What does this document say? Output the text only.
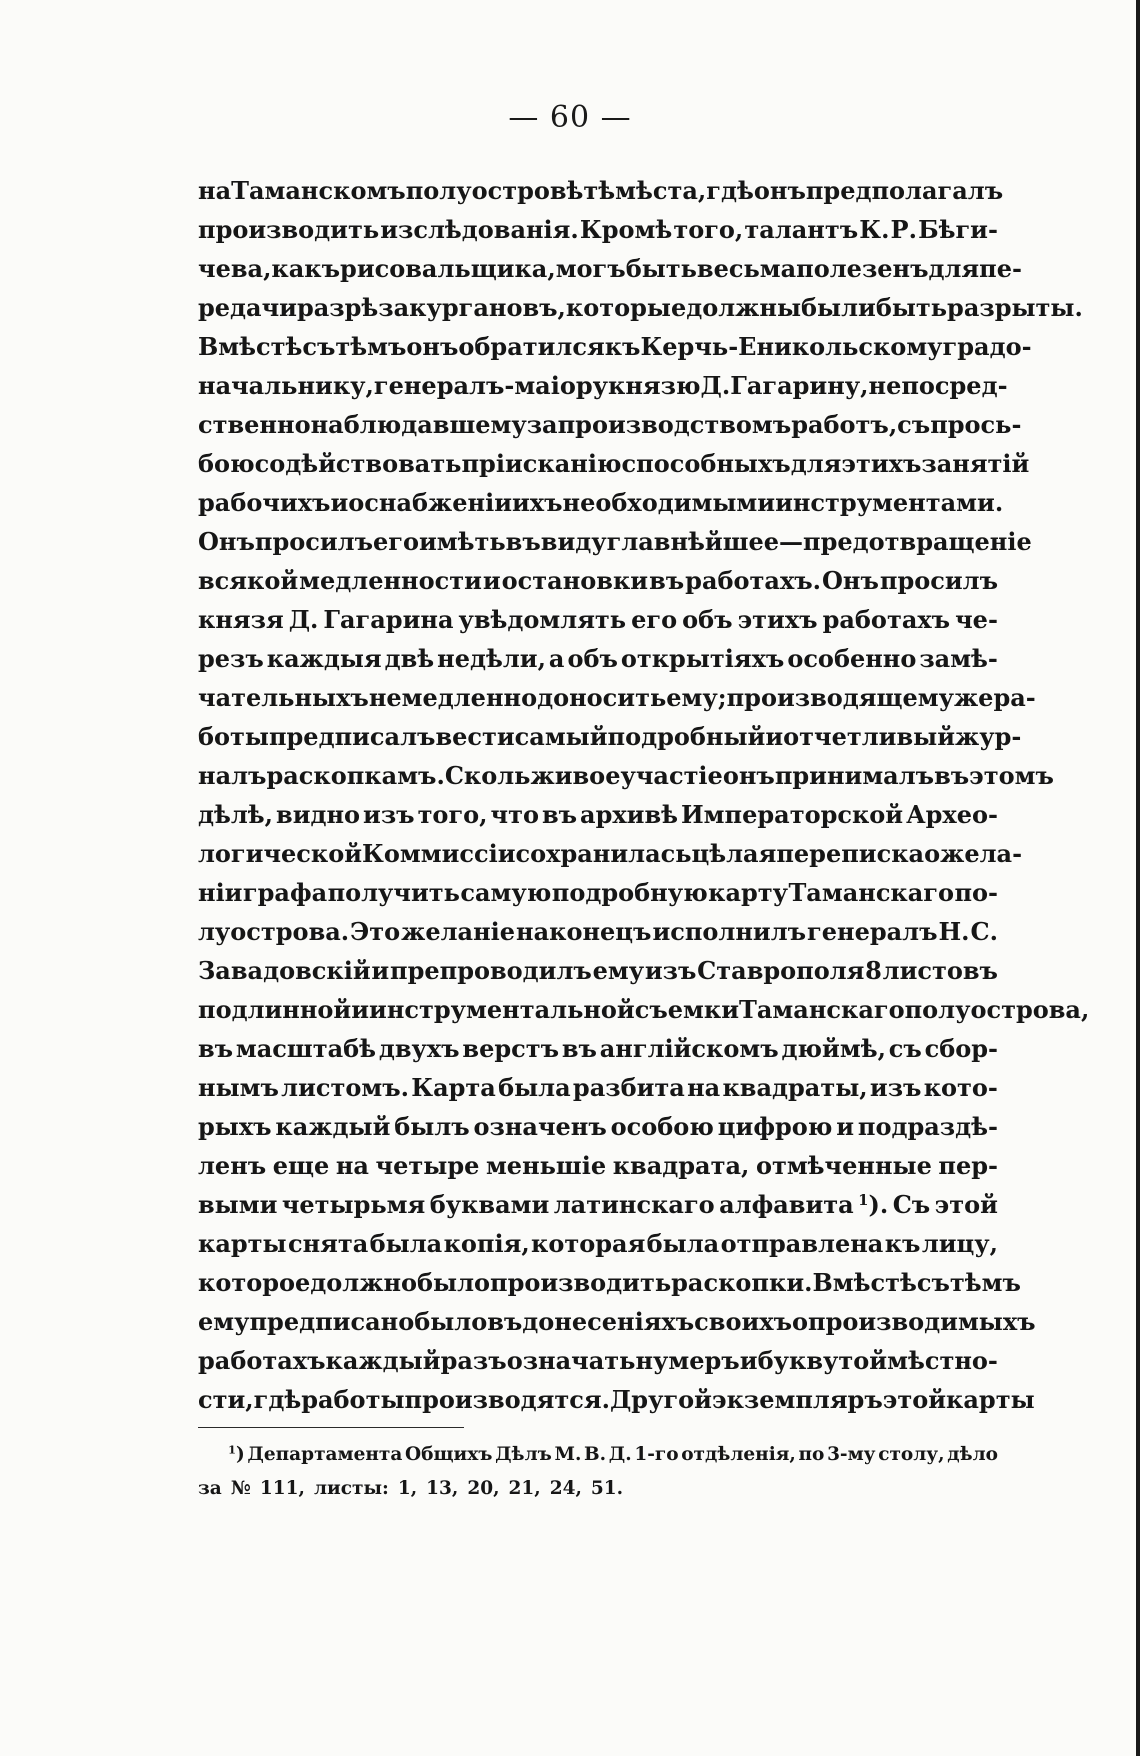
— 60 —
на Таманскомъ полуостровѣ тѣ мѣста, гдѣ онъ предполагалъ
производить изслѣдованія. Кромѣ того, талантъ К. Р. Бѣги-
чева, какъ рисовальщика, могъ быть весьма полезенъ для пе-
редачи разрѣза кургановъ, которые должны были быть разрыты.
Вмѣстѣ съ тѣмъ онъ обратился къ Керчь-Еникольскому градо-
начальнику, генералъ-маіору князю Д. Гагарину, непосред-
ственно наблюдавшему за производствомъ работъ, съ прось-
бою содѣйствовать пріисканію способныхъ для этихъ занятій
рабочихъ и о снабженіи ихъ необходимыми инструментами.
Онъ просилъ его имѣть въ виду главнѣйшее—предотвращеніе
всякой медленности и остановки въ работахъ. Онъ просилъ
князя Д. Гагарина увѣдомлять его объ этихъ работахъ че-
резъ каждыя двѣ недѣли, а объ открытіяхъ особенно замѣ-
чательныхъ немедленно доносить ему; производящему же ра-
боты предписалъ вести самый подробный и отчетливый жур-
налъ раскопкамъ. Сколь живое участіе онъ принималъ въ этомъ
дѣлѣ, видно изъ того, что въ архивѣ Императорской Архео-
логической Коммиссіи сохранилась цѣлая переписка о жела-
ніи графа получить самую подробную карту Таманскаго по-
луострова. Это желаніе наконецъ исполнилъ генералъ Н. С.
Завадовскій и препроводилъ ему изъ Ставрополя 8 листовъ
подлинной и инструментальной съемки Таманскаго полуострова,
въ масштабѣ двухъ верстъ въ англійскомъ дюймѣ, съ сбор-
нымъ листомъ. Карта была разбита на квадраты, изъ кото-
рыхъ каждый былъ означенъ особою цифрою и подраздѣ-
ленъ еще на четыре меньшіе квадрата, отмѣченные пер-
выми четырьмя буквами латинскаго алфавита $^1$). Съ этой
карты снята была копія, которая была отправлена къ лицу,
которое должно было производить раскопки. Вмѣстѣ съ тѣмъ
ему предписано было въ донесеніяхъ своихъ о производимыхъ
работахъ каждый разъ означать нумеръ и букву той мѣстно-
сти, гдѣ работы производятся. Другой экземпляръ этой карты
$^1$) Департамента Общихъ Дѣлъ М. В. Д. 1-го отдѣленія, по 3-му столу, дѣло
за № 111, листы: 1, 13, 20, 21, 24, 51.
